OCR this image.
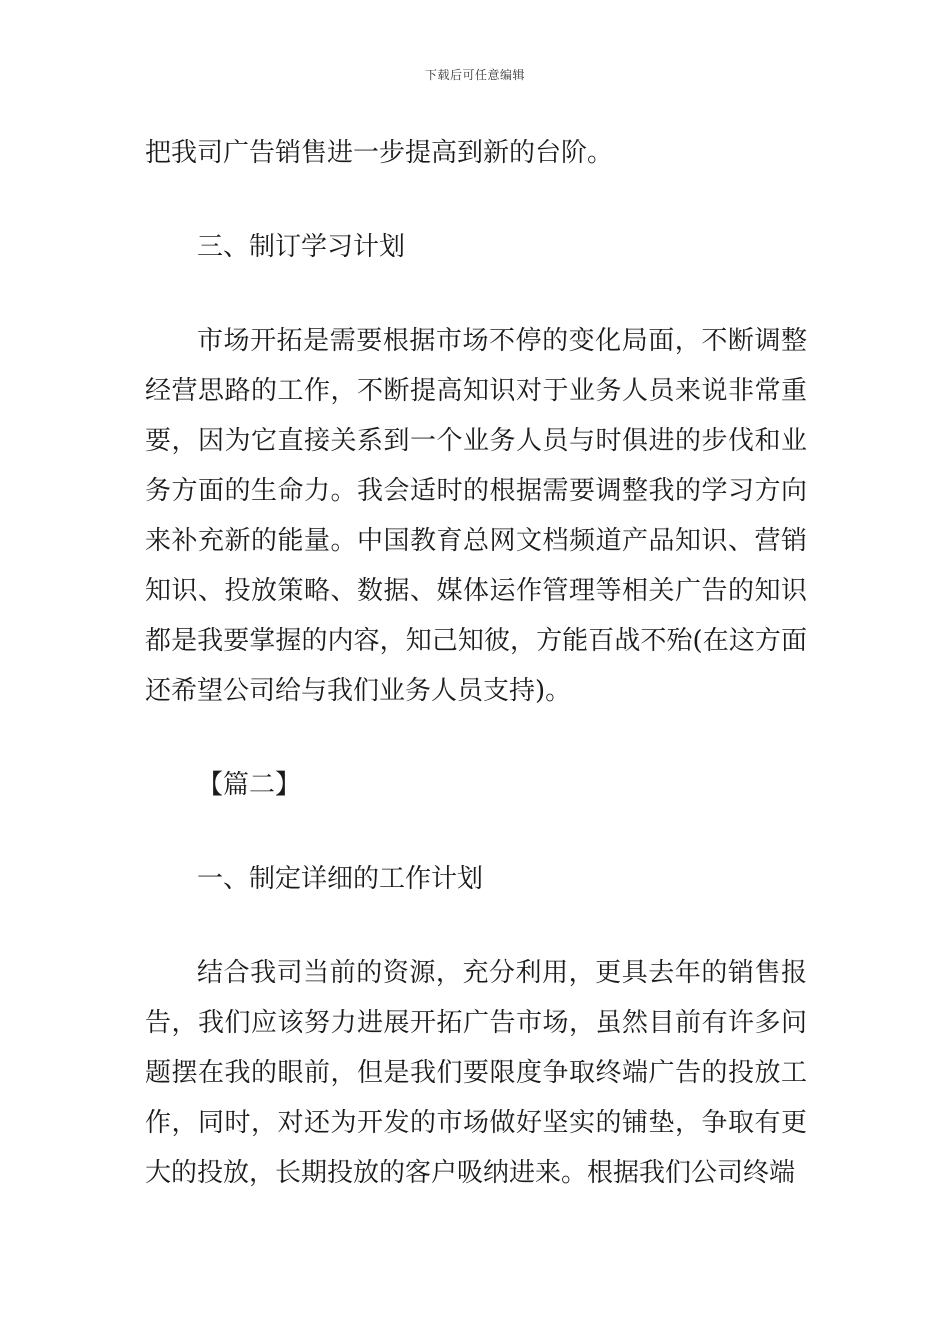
下载后可任意编辑

把我司广告销售进一步提高到新的台阶。

三、制订学习计划

市场开拓是需要根据市场不停的变化局面，不断调整经营思路的工作，不断提高知识对于业务人员来说非常重要，因为它直接关系到一个业务人员与时俱进的步伐和业务方面的生命力。我会适时的根据需要调整我的学习方向来补充新的能量。中国教育总网文档频道产品知识、营销知识、投放策略、数据、媒体运作管理等相关广告的知识都是我要掌握的内容，知己知彼，方能百战不殆(在这方面还希望公司给与我们业务人员支持)。

【篇二】

一、制定详细的工作计划

结合我司当前的资源，充分利用，更具去年的销售报告，我们应该努力进展开拓广告市场，虽然目前有许多问题摆在我的眼前，但是我们要限度争取终端广告的投放工作，同时，对还为开发的市场做好坚实的铺垫，争取有更大的投放，长期投放的客户吸纳进来。根据我们公司终端
